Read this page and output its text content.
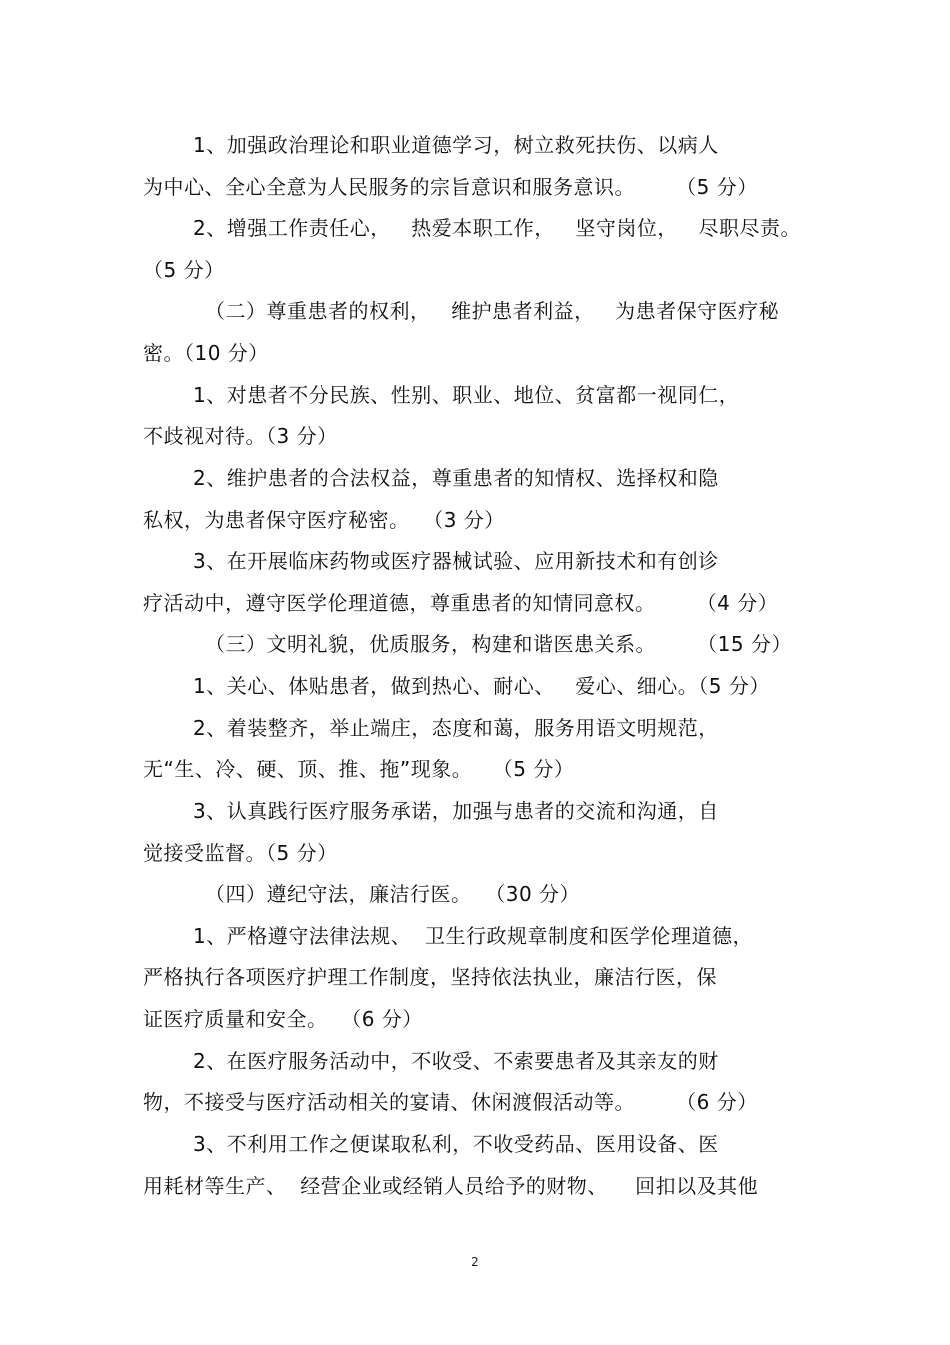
1、加强政治理论和职业道德学习，树立救死扶伤、以病人
为中心、全心全意为人民服务的宗旨意识和服务意识。      （5 分）
2、增强工作责任心，   热爱本职工作，   坚守岗位，   尽职尽责。
（5 分）
（二）尊重患者的权利，   维护患者利益，   为患者保守医疗秘
密。（10 分）
1、对患者不分民族、性别、职业、地位、贫富都一视同仁，
不歧视对待。（3 分）
2、维护患者的合法权益，尊重患者的知情权、选择权和隐
私权，为患者保守医疗秘密。  （3 分）
3、在开展临床药物或医疗器械试验、应用新技术和有创诊
疗活动中，遵守医学伦理道德，尊重患者的知情同意权。      （4 分）
（三）文明礼貌，优质服务，构建和谐医患关系。      （15 分）
1、关心、体贴患者，做到热心、耐心、   爱心、细心。（5 分）
2、着装整齐，举止端庄，态度和蔼，服务用语文明规范，
无“生、冷、硬、顶、推、拖”现象。   （5 分）
3、认真践行医疗服务承诺，加强与患者的交流和沟通，自
觉接受监督。（5 分）
（四）遵纪守法，廉洁行医。  （30 分）
1、严格遵守法律法规、  卫生行政规章制度和医学伦理道德，
严格执行各项医疗护理工作制度，坚持依法执业，廉洁行医，保
证医疗质量和安全。  （6 分）
2、在医疗服务活动中，不收受、不索要患者及其亲友的财
物，不接受与医疗活动相关的宴请、休闲渡假活动等。      （6 分）
3、不利用工作之便谋取私利，不收受药品、医用设备、医
用耗材等生产、  经营企业或经销人员给予的财物、    回扣以及其他
2
